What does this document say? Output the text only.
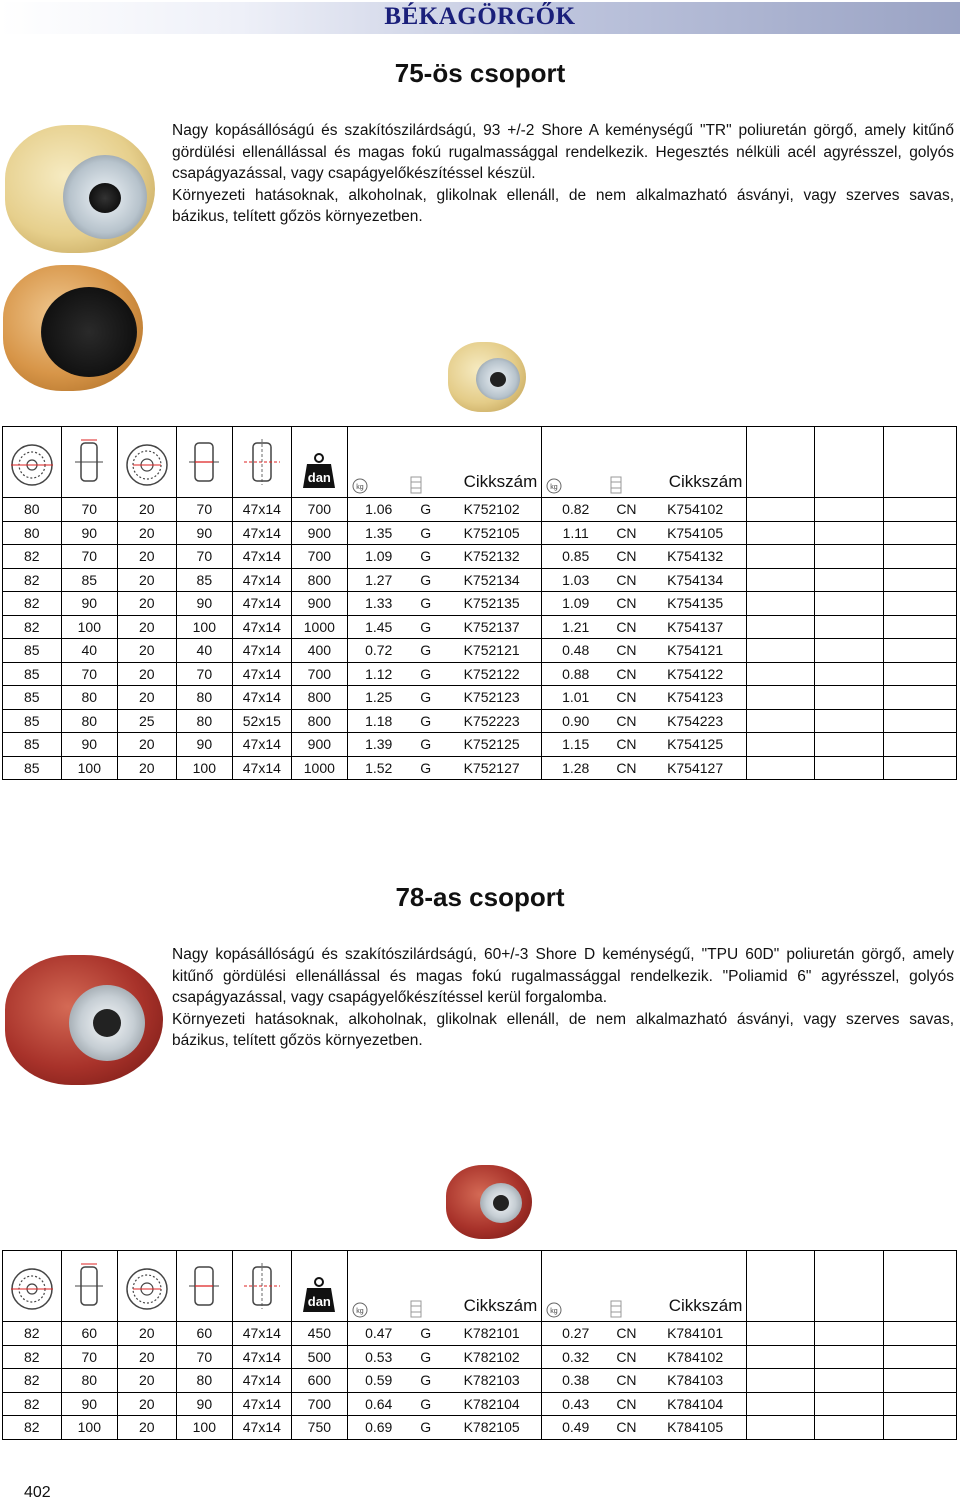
BÉKAGÖRGŐK
75-ös csoport
Nagy kopásállóságú és szakítószilárdságú, 93 +/-2 Shore A keménységű "TR" poliuretán görgő, amely kitűnő gördülési ellenállással és magas fokú rugalmassággal rendelkezik. Hegesztés nélküli acél agyrésszel, golyós csapágyazással, vagy csapágyelőkészítéssel készül.
Környezeti hatásoknak, alkoholnak, glikolnak ellenáll, de nem alkalmazható ásványi, vagy szerves savas, bázikus, telített gőzös környezetben.

dan	kg Cikkszám			kg Cikkszám					

80	70	20	70	47x14	700	1.06	G	K752102	0.82	CN	K754102			
80	90	20	90	47x14	900	1.35	G	K752105	1.11	CN	K754105			
82	70	20	70	47x14	700	1.09	G	K752132	0.85	CN	K754132			
82	85	20	85	47x14	800	1.27	G	K752134	1.03	CN	K754134			
82	90	20	90	47x14	900	1.33	G	K752135	1.09	CN	K754135			
82	100	20	100	47x14	1000	1.45	G	K752137	1.21	CN	K754137			
85	40	20	40	47x14	400	0.72	G	K752121	0.48	CN	K754121			
85	70	20	70	47x14	700	1.12	G	K752122	0.88	CN	K754122			
85	80	20	80	47x14	800	1.25	G	K752123	1.01	CN	K754123			
85	80	25	80	52x15	800	1.18	G	K752223	0.90	CN	K754223			
85	90	20	90	47x14	900	1.39	G	K752125	1.15	CN	K754125			
85	100	20	100	47x14	1000	1.52	G	K752127	1.28	CN	K754127			
78-as csoport
Nagy kopásállóságú és szakítószilárdságú, 60+/-3 Shore D keménységű, "TPU 60D" poliuretán görgő, amely kitűnő gördülési ellenállással és magas fokú rugalmassággal rendelkezik. "Poliamid 6" agyrésszel, golyós csapágyazással, vagy csapágyelőkészítéssel kerül forgalomba.
Környezeti hatásoknak, alkoholnak, glikolnak ellenáll, de nem alkalmazható ásványi, vagy szerves savas, bázikus, telített gőzös környezetben.

dan	kg Cikkszám			kg Cikkszám					

82	60	20	60	47x14	450	0.47	G	K782101	0.27	CN	K784101			
82	70	20	70	47x14	500	0.53	G	K782102	0.32	CN	K784102			
82	80	20	80	47x14	600	0.59	G	K782103	0.38	CN	K784103			
82	90	20	90	47x14	700	0.64	G	K782104	0.43	CN	K784104			
82	100	20	100	47x14	750	0.69	G	K782105	0.49	CN	K784105			
402
